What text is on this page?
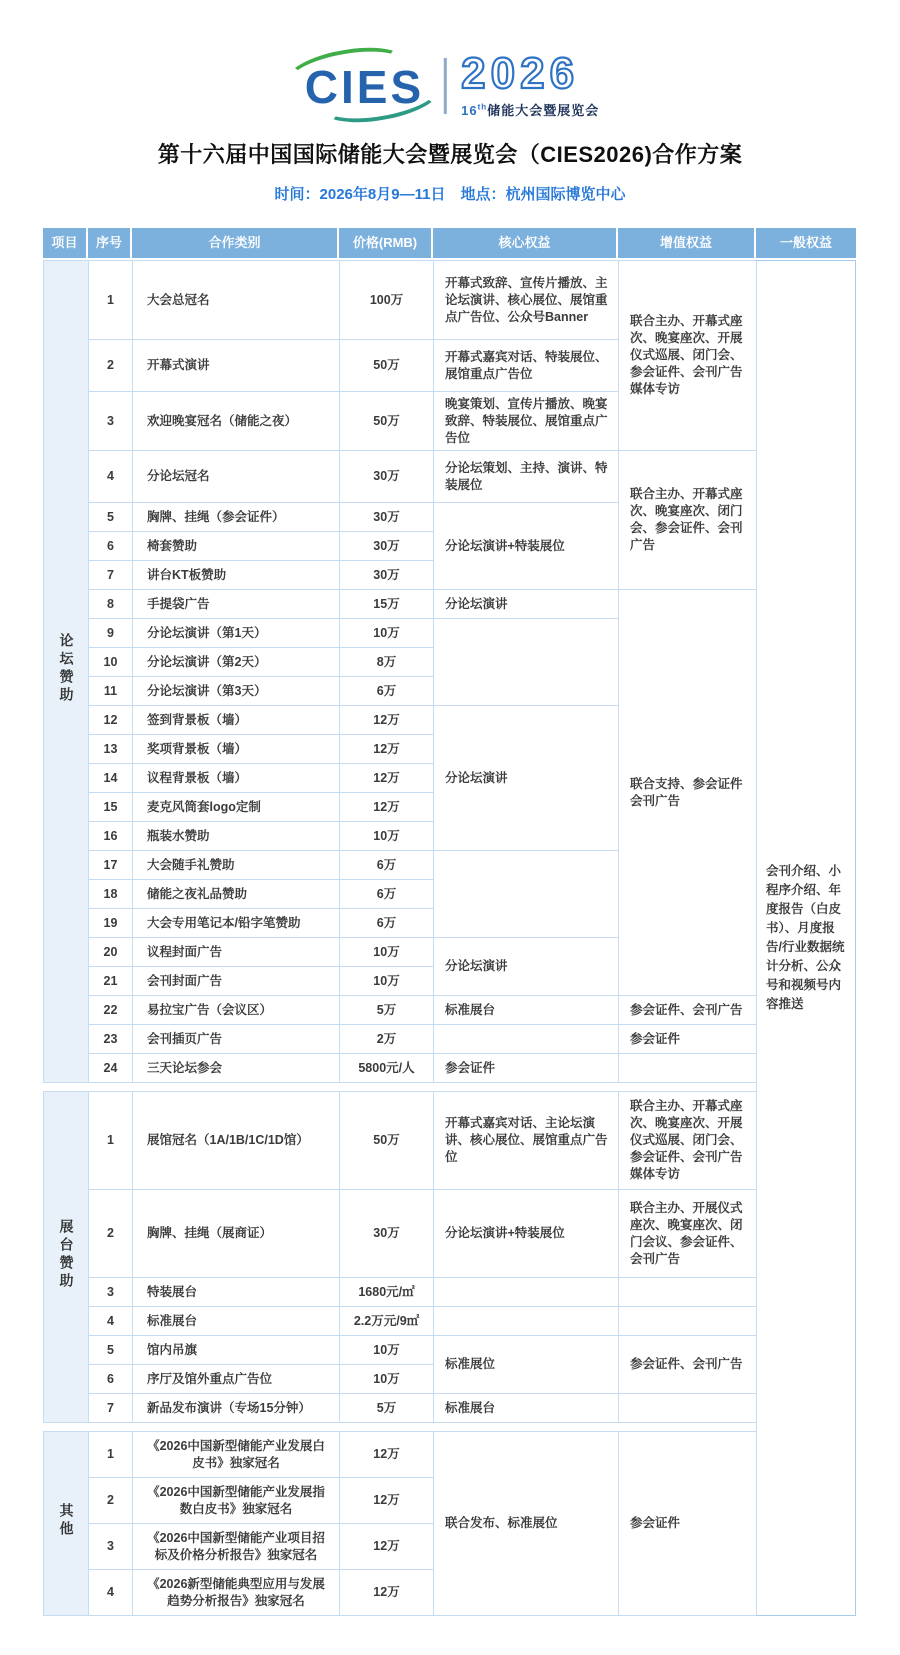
CIES 2026
16th储能大会暨展览会
第十六届中国国际储能大会暨展览会（CIES2026)合作方案
时间：2026年8月9—11日　地点：杭州国际博览中心
项目	序号	合作类别	价格(RMB)	核心权益	增值权益	一般权益
论坛赞助	1	大会总冠名	100万	开幕式致辞、宣传片播放、主论坛演讲、核心展位、展馆重点广告位、公众号Banner	联合主办、开幕式座次、晚宴座次、开展仪式巡展、闭门会、参会证件、会刊广告媒体专访
	2	开幕式演讲	50万	开幕式嘉宾对话、特装展位、展馆重点广告位	
	3	欢迎晚宴冠名（储能之夜）	50万	晚宴策划、宣传片播放、晚宴致辞、特装展位、展馆重点广告位	
	4	分论坛冠名	30万	分论坛策划、主持、演讲、特装展位	联合主办、开幕式座次、晚宴座次、闭门会、参会证件、会刊广告
	5	胸牌、挂绳（参会证件）	30万	分论坛演讲+特装展位	
	6	椅套赞助	30万		
	7	讲台KT板赞助	30万		
	8	手提袋广告	15万	分论坛演讲	联合支持、参会证件会刊广告
	9	分论坛演讲（第1天）	10万		
	10	分论坛演讲（第2天）	8万		
	11	分论坛演讲（第3天）	6万		
	12	签到背景板（墙）	12万	分论坛演讲	
	13	奖项背景板（墙）	12万		
	14	议程背景板（墙）	12万		
	15	麦克风筒套logo定制	12万		
	16	瓶装水赞助	10万		
	17	大会随手礼赞助	6万		
	18	储能之夜礼品赞助	6万		
	19	大会专用笔记本/铅字笔赞助	6万		
	20	议程封面广告	10万	分论坛演讲	
	21	会刊封面广告	10万		
	22	易拉宝广告（会议区）	5万	标准展台	参会证件、会刊广告
	23	会刊插页广告	2万		参会证件
	24	三天论坛参会	5800元/人	参会证件	
展台赞助	1	展馆冠名（1A/1B/1C/1D馆）	50万	开幕式嘉宾对话、主论坛演讲、核心展位、展馆重点广告位	联合主办、开幕式座次、晚宴座次、开展仪式巡展、闭门会、参会证件、会刊广告媒体专访
	2	胸牌、挂绳（展商证）	30万	分论坛演讲+特装展位	联合主办、开展仪式座次、晚宴座次、闭门会议、参会证件、会刊广告
	3	特装展台	1680元/㎡		
	4	标准展台	2.2万元/9㎡		
	5	馆内吊旗	10万	标准展位	参会证件、会刊广告
	6	序厅及馆外重点广告位	10万		
	7	新品发布演讲（专场15分钟）	5万	标准展台	
其他	1	《2026中国新型储能产业发展白皮书》独家冠名	12万	联合发布、标准展位	参会证件
	2	《2026中国新型储能产业发展指数白皮书》独家冠名	12万		
	3	《2026中国新型储能产业项目招标及价格分析报告》独家冠名	12万		
	4	《2026新型储能典型应用与发展趋势分析报告》独家冠名	12万		
会刊介绍、小程序介绍、年度报告（白皮书）、月度报告/行业数据统计分析、公众号和视频号内容推送
